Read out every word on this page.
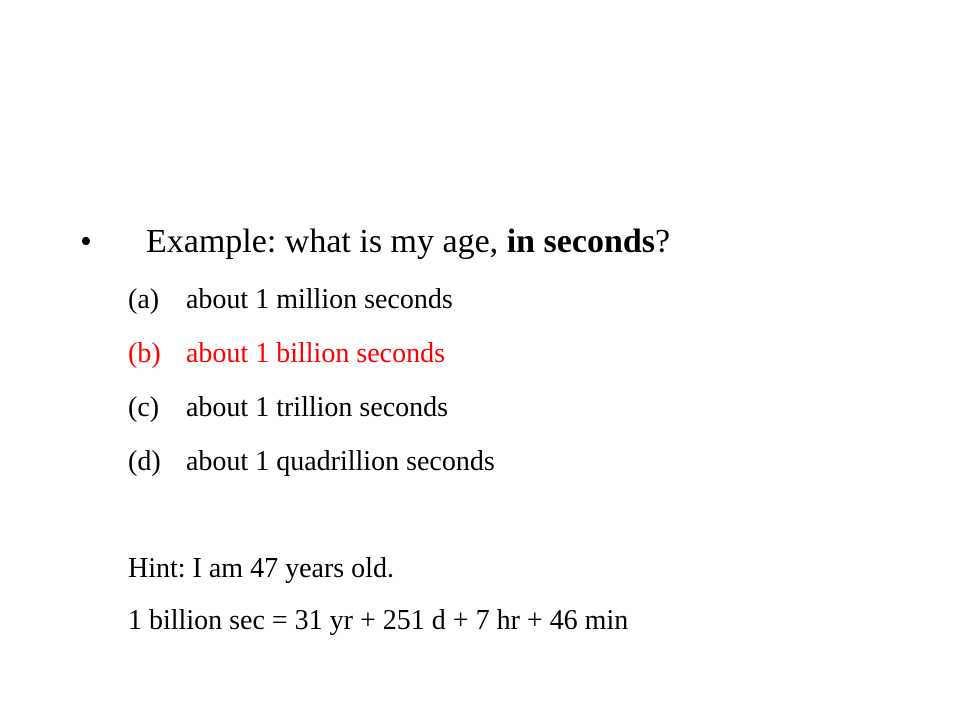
• Example: what is my age, in seconds?
(a) about 1 million seconds
(b) about 1 billion seconds
(c) about 1 trillion seconds
(d) about 1 quadrillion seconds
Hint: I am 47 years old.
1 billion sec = 31 yr + 251 d + 7 hr + 46 min
